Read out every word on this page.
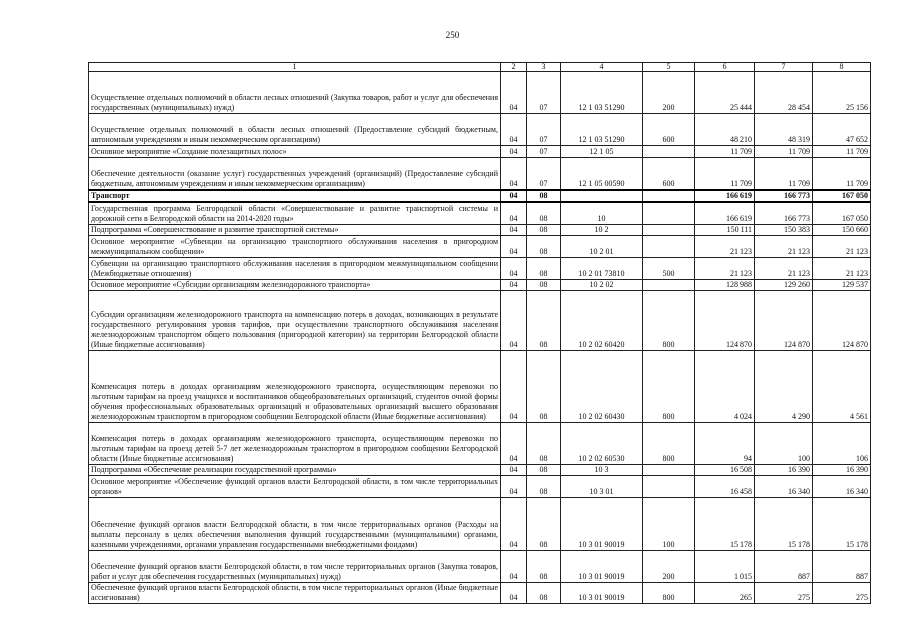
250
1	2	3	4	5	6	7	8
Осуществление отдельных полномочий в области лесных отношений (Закупка товаров, работ и услуг для обеспечения государственных (муниципальных) нужд)	04	07	12 1 03 51290	200	25 444	28 454	25 156
Осуществление отдельных полномочий в области лесных отношений (Предоставление субсидий бюджетным, автономным учреждениям и иным некоммерческим организациям)	04	07	12 1 03 51290	600	48 210	48 319	47 652
Основное мероприятие «Создание полезащитных полос»	04	07	12 1 05		11 709	11 709	11 709
Обеспечение деятельности (оказание услуг) государственных учреждений (организаций) (Предоставление субсидий бюджетным, автономным учреждениям и иным некоммерческим организациям)	04	07	12 1 05 00590	600	11 709	11 709	11 709
Транспорт	04	08			166 619	166 773	167 050
Государственная программа Белгородской области «Совершенствование и развитие транспортной системы и дорожной сети в Белгородской области на 2014-2020 годы»	04	08	10		166 619	166 773	167 050
Подпрограмма «Совершенствование и развитие транспортной системы»	04	08	10 2		150 111	150 383	150 660
Основное мероприятие «Субвенции на организацию транспортного обслуживания населения в пригородном межмуниципальном сообщении»	04	08	10 2 01		21 123	21 123	21 123
Субвенции на организацию транспортного обслуживания населения в пригородном межмуниципальном сообщении (Межбюджетные отношения)	04	08	10 2 01 73810	500	21 123	21 123	21 123
Основное мероприятие «Субсидии организациям железнодорожного транспорта»	04	08	10 2 02		128 988	129 260	129 537
Субсидии организациям железнодорожного транспорта на компенсацию потерь в доходах, возникающих в результате государственного регулирования уровня тарифов, при осуществлении транспортного обслуживания населения железнодорожным транспортом общего пользования (пригородной категории) на территории Белгородской области (Иные бюджетные ассигнования)	04	08	10 2 02 60420	800	124 870	124 870	124 870
Компенсация потерь в доходах организациям железнодорожного транспорта, осуществляющим перевозки по льготным тарифам на проезд учащихся и воспитанников общеобразовательных организаций, студентов очной формы обучения профессиональных образовательных организаций и образовательных организаций высшего образования железнодорожным транспортом в пригородном сообщении Белгородской области (Иные бюджетные ассигнования)	04	08	10 2 02 60430	800	4 024	4 290	4 561
Компенсация потерь в доходах организациям железнодорожного транспорта, осуществляющим перевозки по льготным тарифам на проезд детей 5-7 лет железнодорожным транспортом в пригородном сообщении Белгородской области (Иные бюджетные ассигнования)	04	08	10 2 02 60530	800	94	100	106
Подпрограмма «Обеспечение реализации государственной программы»	04	08	10 3		16 508	16 390	16 390
Основное мероприятие «Обеспечение функций органов власти Белгородской области, в том числе территориальных органов»	04	08	10 3 01		16 458	16 340	16 340
Обеспечение функций органов власти Белгородской области, в том числе территориальных органов (Расходы на выплаты персоналу в целях обеспечения выполнения функций государственными (муниципальными) органами, казенными учреждениями, органами управления государственными внебюджетными фондами)	04	08	10 3 01 90019	100	15 178	15 178	15 178
Обеспечение функций органов власти Белгородской области, в том числе территориальных органов (Закупка товаров, работ и услуг для обеспечения государственных (муниципальных) нужд)	04	08	10 3 01 90019	200	1 015	887	887
Обеспечение функций органов власти Белгородской области, в том числе территориальных органов (Иные бюджетные ассигнования)	04	08	10 3 01 90019	800	265	275	275
